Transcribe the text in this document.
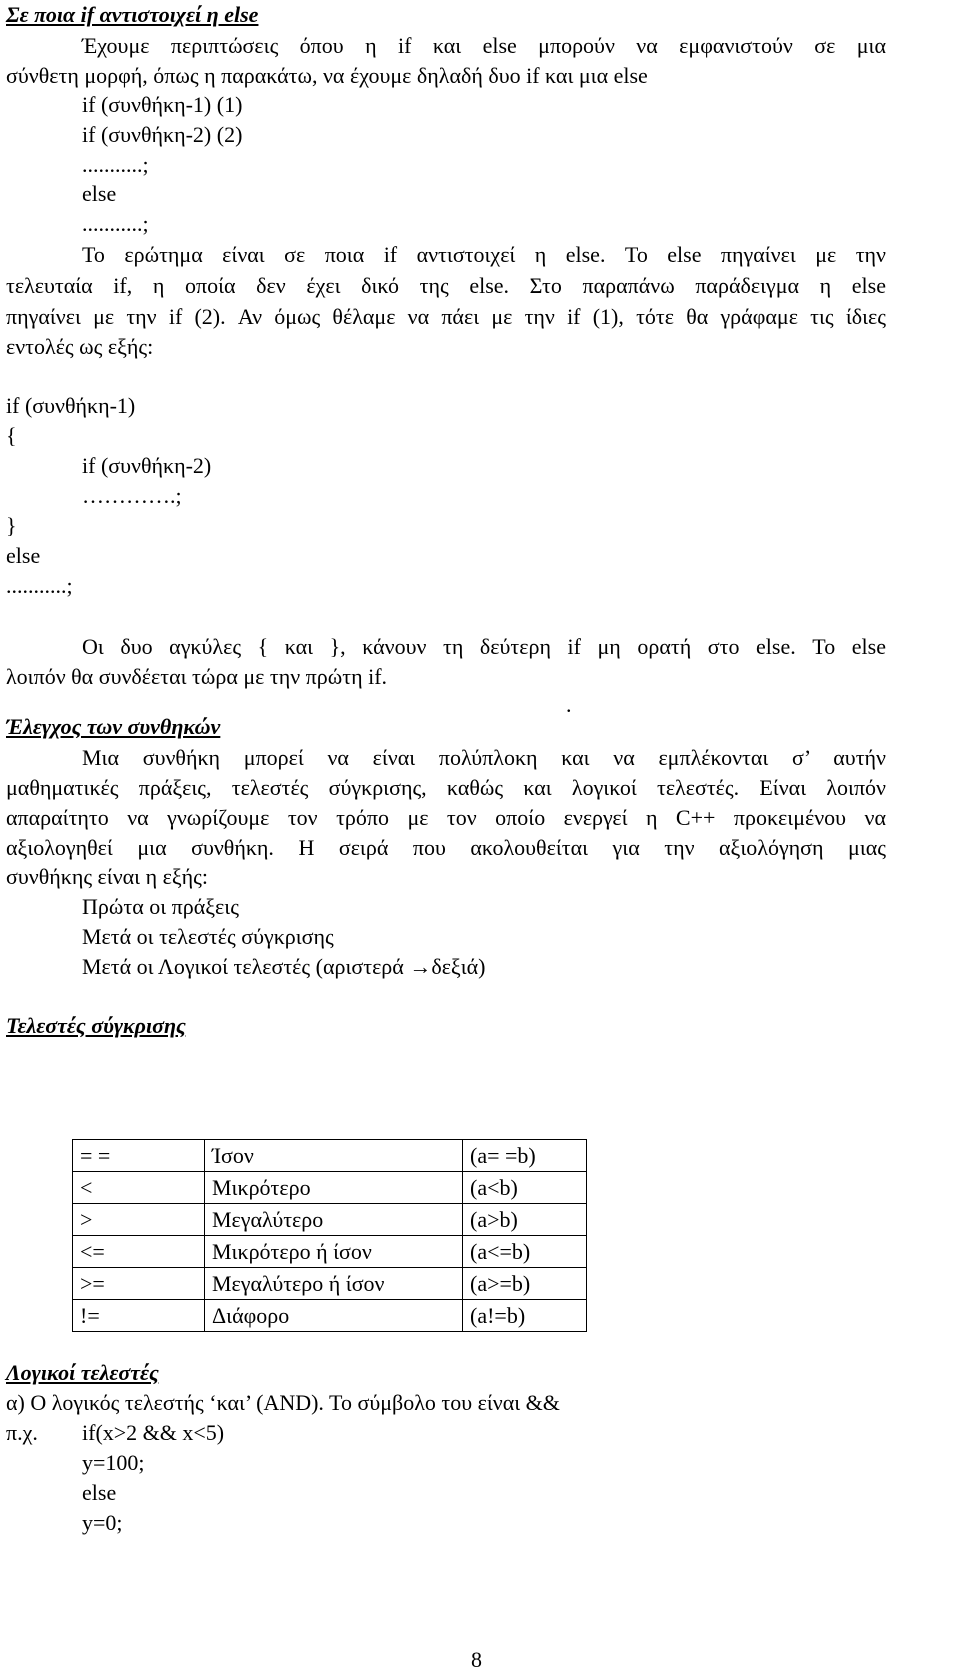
Σε ποια if αντιστοιχεί η else
Έχουμε περιπτώσεις όπου η if και else μπορούν να εμφανιστούν σε μια
σύνθετη μορφή, όπως η παρακάτω, να έχουμε δηλαδή δυο if και μια else
if (συνθήκη-1) (1)
if (συνθήκη-2) (2)
...........;
else
...........;
Το ερώτημα είναι σε ποια if αντιστοιχεί η else. Το else πηγαίνει με την
τελευταία if, η οποία δεν έχει δικό της else. Στο παραπάνω παράδειγμα η else
πηγαίνει με την if (2). Αν όμως θέλαμε να πάει με την if (1), τότε θα γράφαμε τις ίδιες
εντολές ως εξής:
if (συνθήκη-1)
{
if (συνθήκη-2)
………….;
}
else
...........;
Οι δυο αγκύλες { και }, κάνουν τη δεύτερη if μη ορατή στο else. Το else
λοιπόν θα συνδέεται τώρα με την πρώτη if.
.
Έλεγχος των συνθηκών
Μια συνθήκη μπορεί να είναι πολύπλοκη και να εμπλέκονται σ’ αυτήν
μαθηματικές πράξεις, τελεστές σύγκρισης, καθώς και λογικοί τελεστές. Είναι λοιπόν
απαραίτητο να γνωρίζουμε τον τρόπο με τον οποίο ενεργεί η C++ προκειμένου να
αξιολογηθεί μια συνθήκη. Η σειρά που ακολουθείται για την αξιολόγηση μιας
συνθήκης είναι η εξής:
Πρώτα οι πράξεις
Μετά οι τελεστές σύγκρισης
Μετά οι Λογικοί τελεστές (αριστερά →δεξιά)
Τελεστές σύγκρισης
= =	Ίσον	(a= =b)
<	Μικρότερο	(a<b)
>	Μεγαλύτερο	(a>b)
<=	Μικρότερο ή ίσον	(a<=b)
>=	Μεγαλύτερο ή ίσον	(a>=b)
!=	Διάφορο	(a!=b)
Λογικοί τελεστές
α) Ο λογικός τελεστής ‘και’ (AND). Το σύμβολο του είναι &&
π.χ. if(x>2 && x<5)
y=100;
else
y=0;
8
